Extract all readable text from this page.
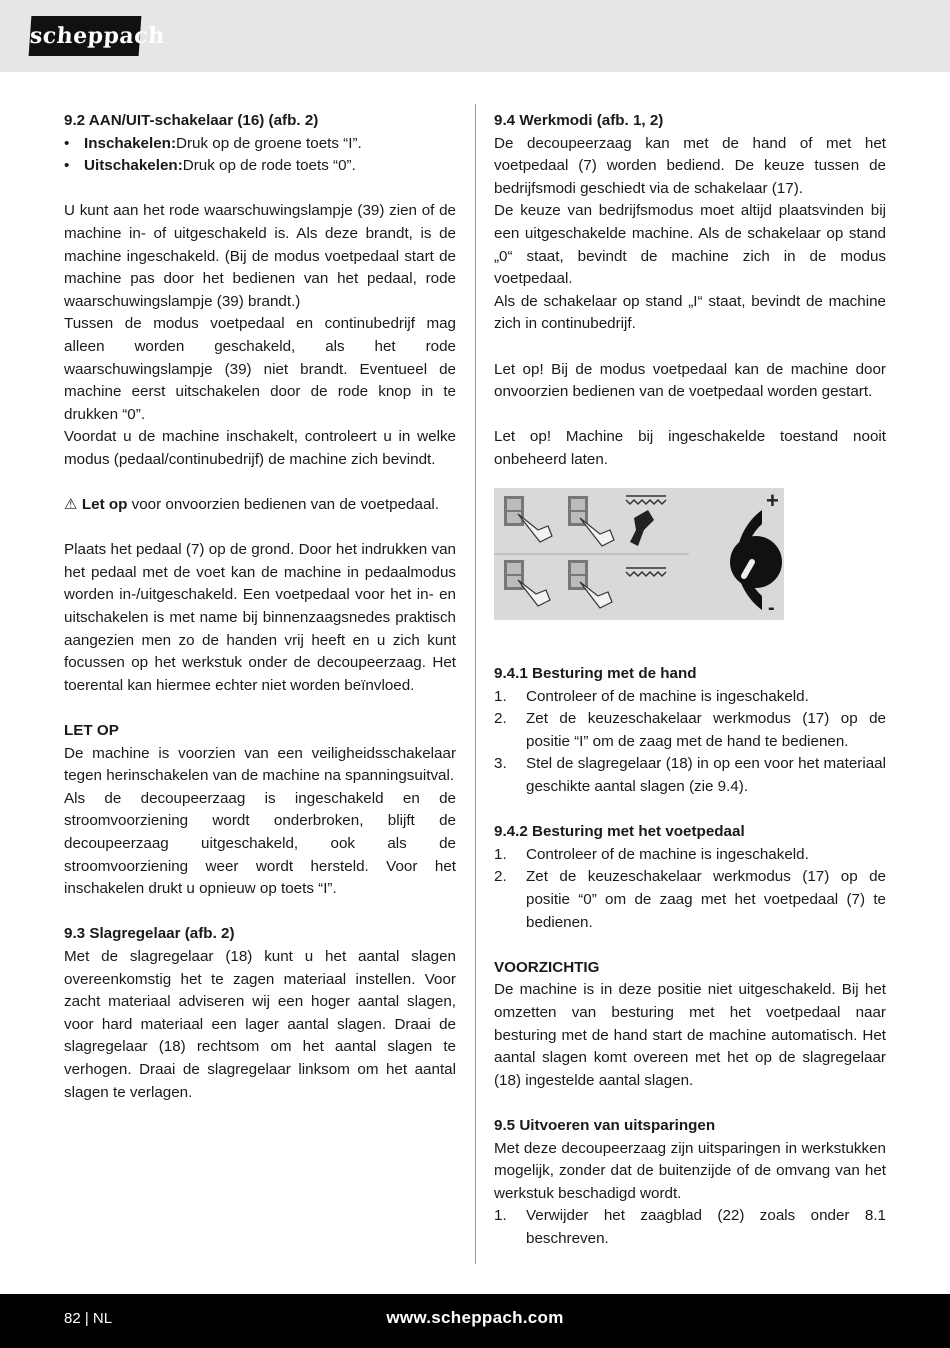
scheppach

9.2 AAN/UIT-schakelaar (16) (afb. 2)

• Inschakelen:Druk op de groene toets “I”.

• Uitschakelen:Druk op de rode toets “0”.

U kunt aan het rode waarschuwingslampje (39) zien of de machine in- of uitgeschakeld is. Als deze brandt, is de machine ingeschakeld. (Bij de modus voetpedaal start de machine pas door het bedienen van het pedaal, rode waarschuwingslampje (39) brandt.)

Tussen de modus voetpedaal en continubedrijf mag alleen worden geschakeld, als het rode waarschuwingslampje (39) niet brandt. Eventueel de machine eerst uitschakelen door de rode knop in te drukken “0”.

Voordat u de machine inschakelt, controleert u in welke modus (pedaal/continubedrijf) de machine zich bevindt.

⚠ Let op voor onvoorzien bedienen van de voetpedaal.

Plaats het pedaal (7) op de grond. Door het indrukken van het pedaal met de voet kan de machine in pedaalmodus worden in-/uitgeschakeld. Een voetpedaal voor het in- en uitschakelen is met name bij binnenzaagsnedes praktisch aangezien men zo de handen vrij heeft en u zich kunt focussen op het werkstuk onder de decoupeerzaag. Het toerental kan hiermee echter niet worden beïnvloed.

LET OP

De machine is voorzien van een veiligheidsschakelaar tegen herinschakelen van de machine na spanningsuitval.

Als de decoupeerzaag is ingeschakeld en de stroomvoorziening wordt onderbroken, blijft de decoupeerzaag uitgeschakeld, ook als de stroomvoorziening weer wordt hersteld. Voor het inschakelen drukt u opnieuw op toets “I”.

9.3 Slagregelaar (afb. 2)

Met de slagregelaar (18) kunt u het aantal slagen overeenkomstig het te zagen materiaal instellen. Voor zacht materiaal adviseren wij een hoger aantal slagen, voor hard materiaal een lager aantal slagen. Draai de slagregelaar (18) rechtsom om het aantal slagen te verhogen. Draai de slagregelaar linksom om het aantal slagen te verlagen.

9.4 Werkmodi (afb. 1, 2)

De decoupeerzaag kan met de hand of met het voetpedaal (7) worden bediend. De keuze tussen de bedrijfsmodi geschiedt via de schakelaar (17).

De keuze van bedrijfsmodus moet altijd plaatsvinden bij een uitgeschakelde machine. Als de schakelaar op stand „0“ staat, bevindt de machine zich in de modus voetpedaal.

Als de schakelaar op stand „I“ staat, bevindt de machine zich in continubedrijf.

Let op! Bij de modus voetpedaal kan de machine door onvoorzien bedienen van de voetpedaal worden gestart.

Let op! Machine bij ingeschakelde toestand nooit onbeheerd laten.

+
-

9.4.1 Besturing met de hand

1. Controleer of de machine is ingeschakeld.

2. Zet de keuzeschakelaar werkmodus (17) op de positie “I” om de zaag met de hand te bedienen.

3. Stel de slagregelaar (18) in op een voor het materiaal geschikte aantal slagen (zie 9.4).

9.4.2 Besturing met het voetpedaal

1. Controleer of de machine is ingeschakeld.

2. Zet de keuzeschakelaar werkmodus (17) op de positie “0” om de zaag met het voetpedaal (7) te bedienen.

VOORZICHTIG

De machine is in deze positie niet uitgeschakeld. Bij het omzetten van besturing met het voetpedaal naar besturing met de hand start de machine automatisch. Het aantal slagen komt overeen met het op de slagregelaar (18) ingestelde aantal slagen.

9.5 Uitvoeren van uitsparingen

Met deze decoupeerzaag zijn uitsparingen in werkstukken mogelijk, zonder dat de buitenzijde of de omvang van het werkstuk beschadigd wordt.

1. Verwijder het zaagblad (22) zoals onder 8.1 beschreven.

82 | NL	www.scheppach.com
